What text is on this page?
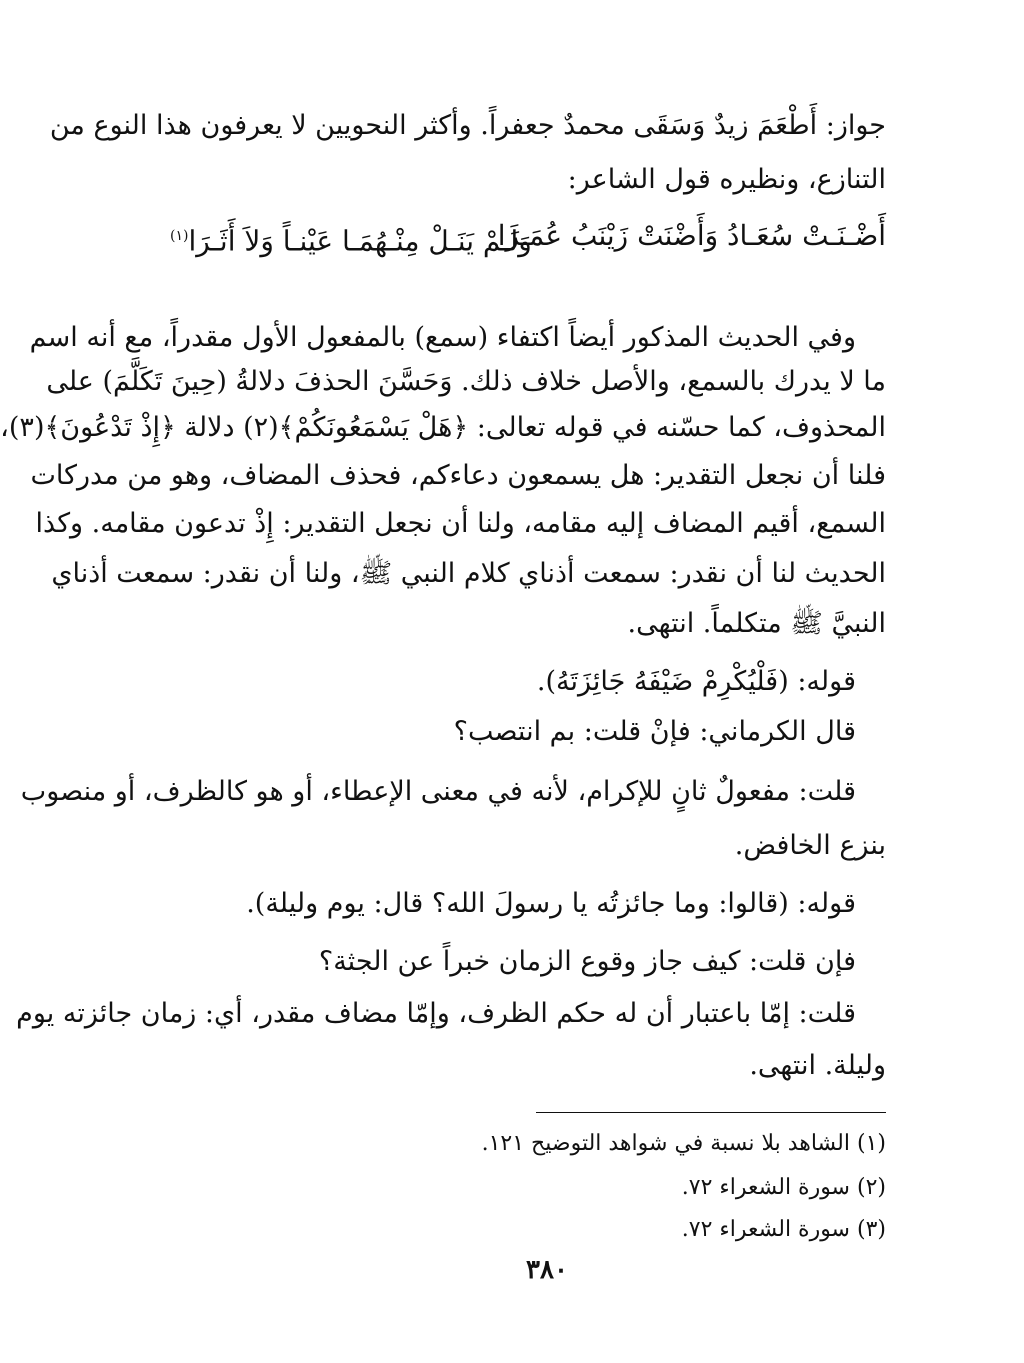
جواز: أَطْعَمَ زيدٌ وَسَقَى محمدٌ جعفراً. وأكثر النحويين لا يعرفون هذا النوع من
التنازع، ونظيره قول الشاعر:
أَضْـنَـتْ سُعَـادُ وَأَضْنَتْ زَيْنَبُ عُمَـرَا
وَلَـمْ يَنَـلْ مِنْـهُمَـا عَيْنـاً وَلاَ أَثَـرَا$^{(١)}$
وفي الحديث المذكور أيضاً اكتفاء (سمع) بالمفعول الأول مقدراً، مع أنه اسم
ما لا يدرك بالسمع، والأصل خلاف ذلك. وَحَسَّنَ الحذفَ دلالةُ (حِينَ تَكَلَّمَ) على
المحذوف، كما حسّنه في قوله تعالى: ﴿هَلْ يَسْمَعُونَكُمْ﴾(٢) دلالة ﴿إِذْ تَدْعُونَ﴾(٣)،
فلنا أن نجعل التقدير: هل يسمعون دعاءكم، فحذف المضاف، وهو من مدركات
السمع، أقيم المضاف إليه مقامه، ولنا أن نجعل التقدير: إِذْ تدعون مقامه. وكذا
الحديث لنا أن نقدر: سمعت أذناي كلام النبي ﷺ، ولنا أن نقدر: سمعت أذناي
النبيَّ ﷺ متكلماً. انتهى.
قوله: (فَلْيُكْرِمْ ضَيْفَهُ جَائِزَتَهُ).
قال الكرماني: فإنْ قلت: بم انتصب؟
قلت: مفعولٌ ثانٍ للإكرام، لأنه في معنى الإعطاء، أو هو كالظرف، أو منصوب
بنزع الخافض.
قوله: (قالوا: وما جائزتُه يا رسولَ الله؟ قال: يوم وليلة).
فإن قلت: كيف جاز وقوع الزمان خبراً عن الجثة؟
قلت: إمّا باعتبار أن له حكم الظرف، وإمّا مضاف مقدر، أي: زمان جائزته يوم
وليلة. انتهى.
(١) الشاهد بلا نسبة في شواهد التوضيح ١٢١.
(٢) سورة الشعراء ٧٢.
(٣) سورة الشعراء ٧٢.
٣٨٠
